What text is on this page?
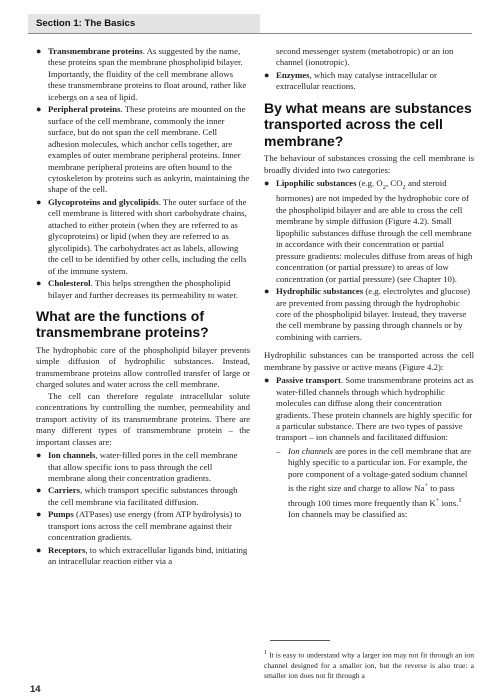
Section 1: The Basics
● Transmembrane proteins. As suggested by the name, these proteins span the membrane phospholipid bilayer. Importantly, the fluidity of the cell membrane allows these transmembrane proteins to float around, rather like icebergs on a sea of lipid.
● Peripheral proteins. These proteins are mounted on the surface of the cell membrane, commonly the inner surface, but do not span the cell membrane. Cell adhesion molecules, which anchor cells together, are examples of outer membrane peripheral proteins. Inner membrane peripheral proteins are often bound to the cytoskeleton by proteins such as ankyrin, maintaining the shape of the cell.
● Glycoproteins and glycolipids. The outer surface of the cell membrane is littered with short carbohydrate chains, attached to either protein (when they are referred to as glycoproteins) or lipid (when they are referred to as glycolipids). The carbohydrates act as labels, allowing the cell to be identified by other cells, including the cells of the immune system.
● Cholesterol. This helps strengthen the phospholipid bilayer and further decreases its permeability to water.
What are the functions of transmembrane proteins?

The hydrophobic core of the phospholipid bilayer prevents simple diffusion of hydrophilic substances. Instead, transmembrane proteins allow controlled transfer of large or charged solutes and water across the cell membrane.

The cell can therefore regulate intracellular solute concentrations by controlling the number, permeability and transport activity of its transmembrane proteins. There are many different types of transmembrane protein – the important classes are:

● Ion channels, water-filled pores in the cell membrane that allow specific ions to pass through the cell membrane along their concentration gradients.
● Carriers, which transport specific substances through the cell membrane via facilitated diffusion.
● Pumps (ATPases) use energy (from ATP hydrolysis) to transport ions across the cell membrane against their concentration gradients.
● Receptors, to which extracellular ligands bind, initiating an intracellular reaction either via a
second messenger system (metabotropic) or an ion channel (ionotropic).
● Enzymes, which may catalyse intracellular or extracellular reactions.
By what means are substances transported across the cell membrane?

The behaviour of substances crossing the cell membrane is broadly divided into two categories:

● Lipophilic substances (e.g. $O_2$, $CO_2$ and steroid hormones) are not impeded by the hydrophobic core of the phospholipid bilayer and are able to cross the cell membrane by simple diffusion (Figure 4.2). Small lipophilic substances diffuse through the cell membrane in accordance with their concentration or partial pressure gradients: molecules diffuse from areas of high concentration (or partial pressure) to areas of low concentration (or partial pressure) (see Chapter 10).
● Hydrophilic substances (e.g. electrolytes and glucose) are prevented from passing through the hydrophobic core of the phospholipid bilayer. Instead, they traverse the cell membrane by passing through channels or by combining with carriers.

Hydrophilic substances can be transported across the cell membrane by passive or active means (Figure 4.2):

● Passive transport. Some transmembrane proteins act as water-filled channels through which hydrophilic molecules can diffuse along their concentration gradients. These protein channels are highly specific for a particular substance. There are two types of passive transport – ion channels and facilitated diffusion:
– Ion channels are pores in the cell membrane that are highly specific to a particular ion. For example, the pore component of a voltage-gated sodium channel is the right size and charge to allow Na+ to pass through 100 times more frequently than K+ ions.$^1$ Ion channels may be classified as:
$^1$ It is easy to understand why a larger ion may not fit through an ion channel designed for a smaller ion, but the reverse is also true: a smaller ion does not fit through a
14
